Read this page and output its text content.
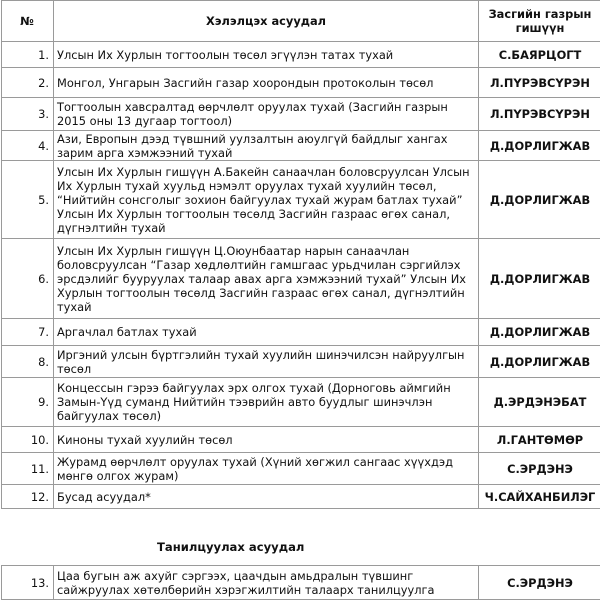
№	Хэлэлцэх асуудал	Засгийн газрын гишүүн
1.	Улсын Их Хурлын тогтоолын төсөл эгүүлэн татах тухай	С.БАЯРЦОГТ
2.	Монгол, Унгарын Засгийн газар хоорондын протоколын төсөл	Л.ПҮРЭВСҮРЭН
3.	Тогтоолын хавсралтад өөрчлөлт оруулах тухай (Засгийн газрын 2015 оны 13 дугаар тогтоол)	Л.ПҮРЭВСҮРЭН
4.	Ази, Европын дээд түвшний уулзалтын аюулгүй байдлыг хангах зарим арга хэмжээний тухай	Д.ДОРЛИГЖАВ
5.	Улсын Их Хурлын гишүүн А.Бакейн санаачлан боловсруулсан Улсын Их Хурлын тухай хуульд нэмэлт оруулах тухай хуулийн төсөл, “Нийтийн сонсголыг зохион байгуулах тухай журам батлах тухай” Улсын Их Хурлын тогтоолын төсөлд Засгийн газраас өгөх санал, дүгнэлтийн тухай	Д.ДОРЛИГЖАВ
6.	Улсын Их Хурлын гишүүн Ц.Оюунбаатар нарын санаачлан боловсруулсан “Газар хөдлөлтийн гамшгаас урьдчилан сэргийлэх эрсдэлийг бууруулах талаар авах арга хэмжээний тухай” Улсын Их Хурлын тогтоолын төсөлд Засгийн газраас өгөх санал, дүгнэлтийн тухай	Д.ДОРЛИГЖАВ
7.	Аргачлал батлах тухай	Д.ДОРЛИГЖАВ
8.	Иргэний улсын бүртгэлийн тухай хуулийн шинэчилсэн найруулгын төсөл	Д.ДОРЛИГЖАВ
9.	Концессын гэрээ байгуулах эрх олгох тухай (Дорноговь аймгийн Замын-Үүд суманд Нийтийн тээврийн авто буудлыг шинэчлэн байгуулах төсөл)	Д.ЭРДЭНЭБАТ
10.	Киноны тухай хуулийн төсөл	Л.ГАНТӨМӨР
11.	Журамд өөрчлөлт оруулах тухай (Хүний хөгжил сангаас хүүхдэд мөнгө олгох журам)	С.ЭРДЭНЭ
12.	Бусад асуудал*	Ч.САЙХАНБИЛЭГ
Танилцуулах асуудал
13.	Цаа бугын аж ахуйг сэргээх, цаачдын амьдралын түвшинг сайжруулах хөтөлбөрийн хэрэгжилтийн талаарх танилцуулга	С.ЭРДЭНЭ
